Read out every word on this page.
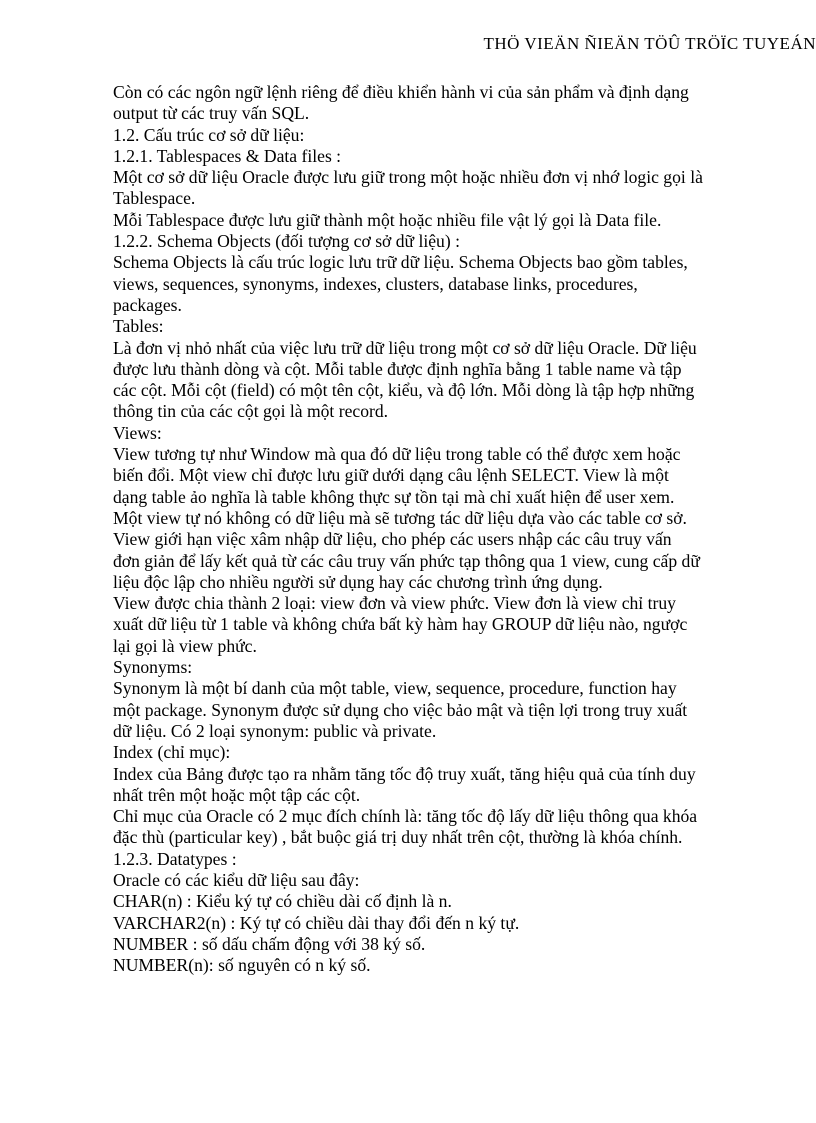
THÖ VIEÄN ÑIEÄN TÖÛ TRÖÏC TUYEÁN
Còn có các ngôn ngữ lệnh riêng để điều khiển hành vi của sản phẩm và định dạng
output từ các truy vấn SQL.
1.2. Cấu trúc cơ sở dữ liệu:
1.2.1. Tablespaces & Data files :
Một cơ sở dữ liệu Oracle được lưu giữ trong một hoặc nhiều đơn vị nhớ logic gọi là
Tablespace.
Mỗi Tablespace được lưu giữ thành một hoặc nhiều file vật lý gọi là Data file.
1.2.2. Schema Objects (đối tượng cơ sở dữ liệu) :
Schema Objects là cấu trúc logic lưu trữ dữ liệu. Schema Objects bao gồm tables,
views, sequences, synonyms, indexes, clusters, database links, procedures,
packages.
Tables:
Là đơn vị nhỏ nhất của việc lưu trữ dữ liệu trong một cơ sở dữ liệu Oracle. Dữ liệu
được lưu thành dòng và cột. Mỗi table được định nghĩa bằng 1 table name và tập
các cột. Mỗi cột (field) có một tên cột, kiểu, và độ lớn. Mỗi dòng là tập hợp những
thông tin của các cột gọi là một record.
Views:
View tương tự như Window mà qua đó dữ liệu trong table có thể được xem hoặc
biến đổi. Một view chỉ được lưu giữ dưới dạng câu lệnh SELECT. View là một
dạng table ảo nghĩa là table không thực sự tồn tại mà chỉ xuất hiện để user xem.
Một view tự nó không có dữ liệu mà sẽ tương tác dữ liệu dựa vào các table cơ sở.
View giới hạn việc xâm nhập dữ liệu, cho phép các users nhập các câu truy vấn
đơn giản để lấy kết quả từ các câu truy vấn phức tạp thông qua 1 view, cung cấp dữ
liệu độc lập cho nhiều người sử dụng hay các chương trình ứng dụng.
View được chia thành 2 loại: view đơn và view phức. View đơn là view chỉ truy
xuất dữ liệu từ 1 table và không chứa bất kỳ hàm hay GROUP dữ liệu nào, ngược
lại gọi là view phức.
Synonyms:
Synonym là một bí danh của một table, view, sequence, procedure, function hay
một package. Synonym được sử dụng cho việc bảo mật và tiện lợi trong truy xuất
dữ liệu. Có 2 loại synonym: public và private.
Index (chỉ mục):
Index của Bảng được tạo ra nhằm tăng tốc độ truy xuất, tăng hiệu quả của tính duy
nhất trên một hoặc một tập các cột.
Chỉ mục của Oracle có 2 mục đích chính là: tăng tốc độ lấy dữ liệu thông qua khóa
đặc thù (particular key) , bắt buộc giá trị duy nhất trên cột, thường là khóa chính.
1.2.3. Datatypes :
Oracle có các kiểu dữ liệu sau đây:
CHAR(n) : Kiểu ký tự có chiều dài cố định là n.
VARCHAR2(n) : Ký tự có chiều dài thay đổi đến n ký tự.
NUMBER : số dấu chấm động với 38 ký số.
NUMBER(n): số nguyên có n ký số.
